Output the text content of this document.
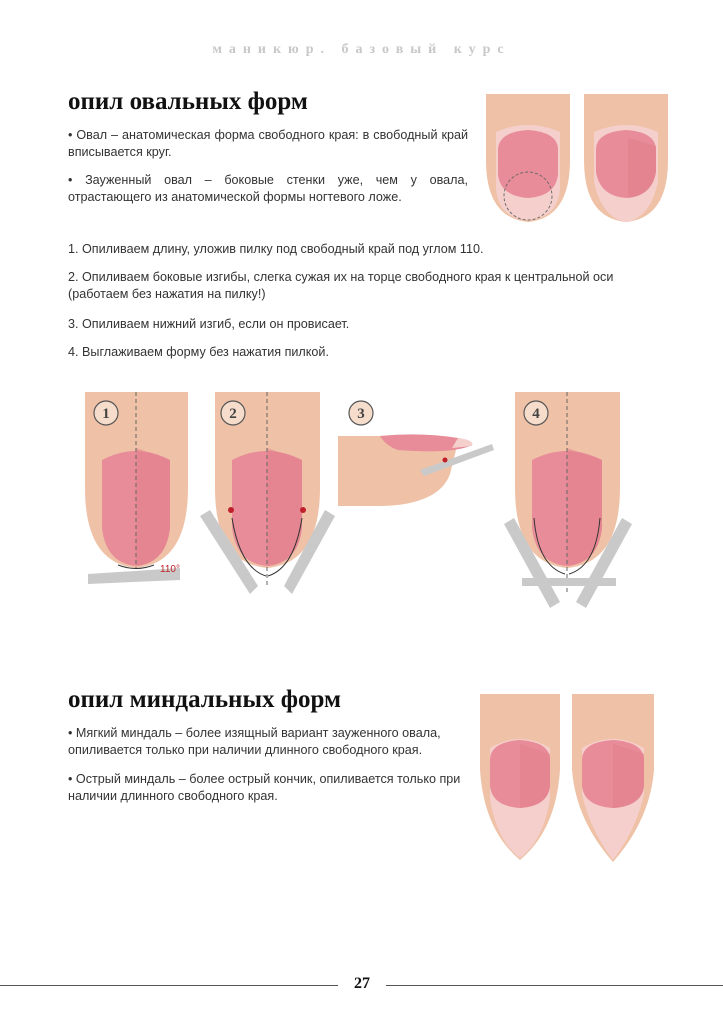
маникюр. базовый курс
опил овальных форм

• Овал – анатомическая форма свободного края: в свободный край вписывается круг.

• Зауженный овал – боковые стенки уже, чем у овала, отрастающего из анатомической формы ногтевого ложе.

1. Опиливаем длину, уложив пилку под свободный край под углом 110.

2. Опиливаем боковые изгибы, слегка сужая их на торце свободного края к центральной оси (работаем без нажатия на пилку!)

3. Опиливаем нижний изгиб, если он провисает.

4. Выглаживаем форму без нажатия пилкой.

1
110°
2	3	4
опил миндальных форм

• Мягкий миндаль – более изящный вариант зауженного овала, опиливается только при наличии длинного свободного края.

• Острый миндаль – более острый кончик, опиливается только при наличии длинного свободного края.

27
